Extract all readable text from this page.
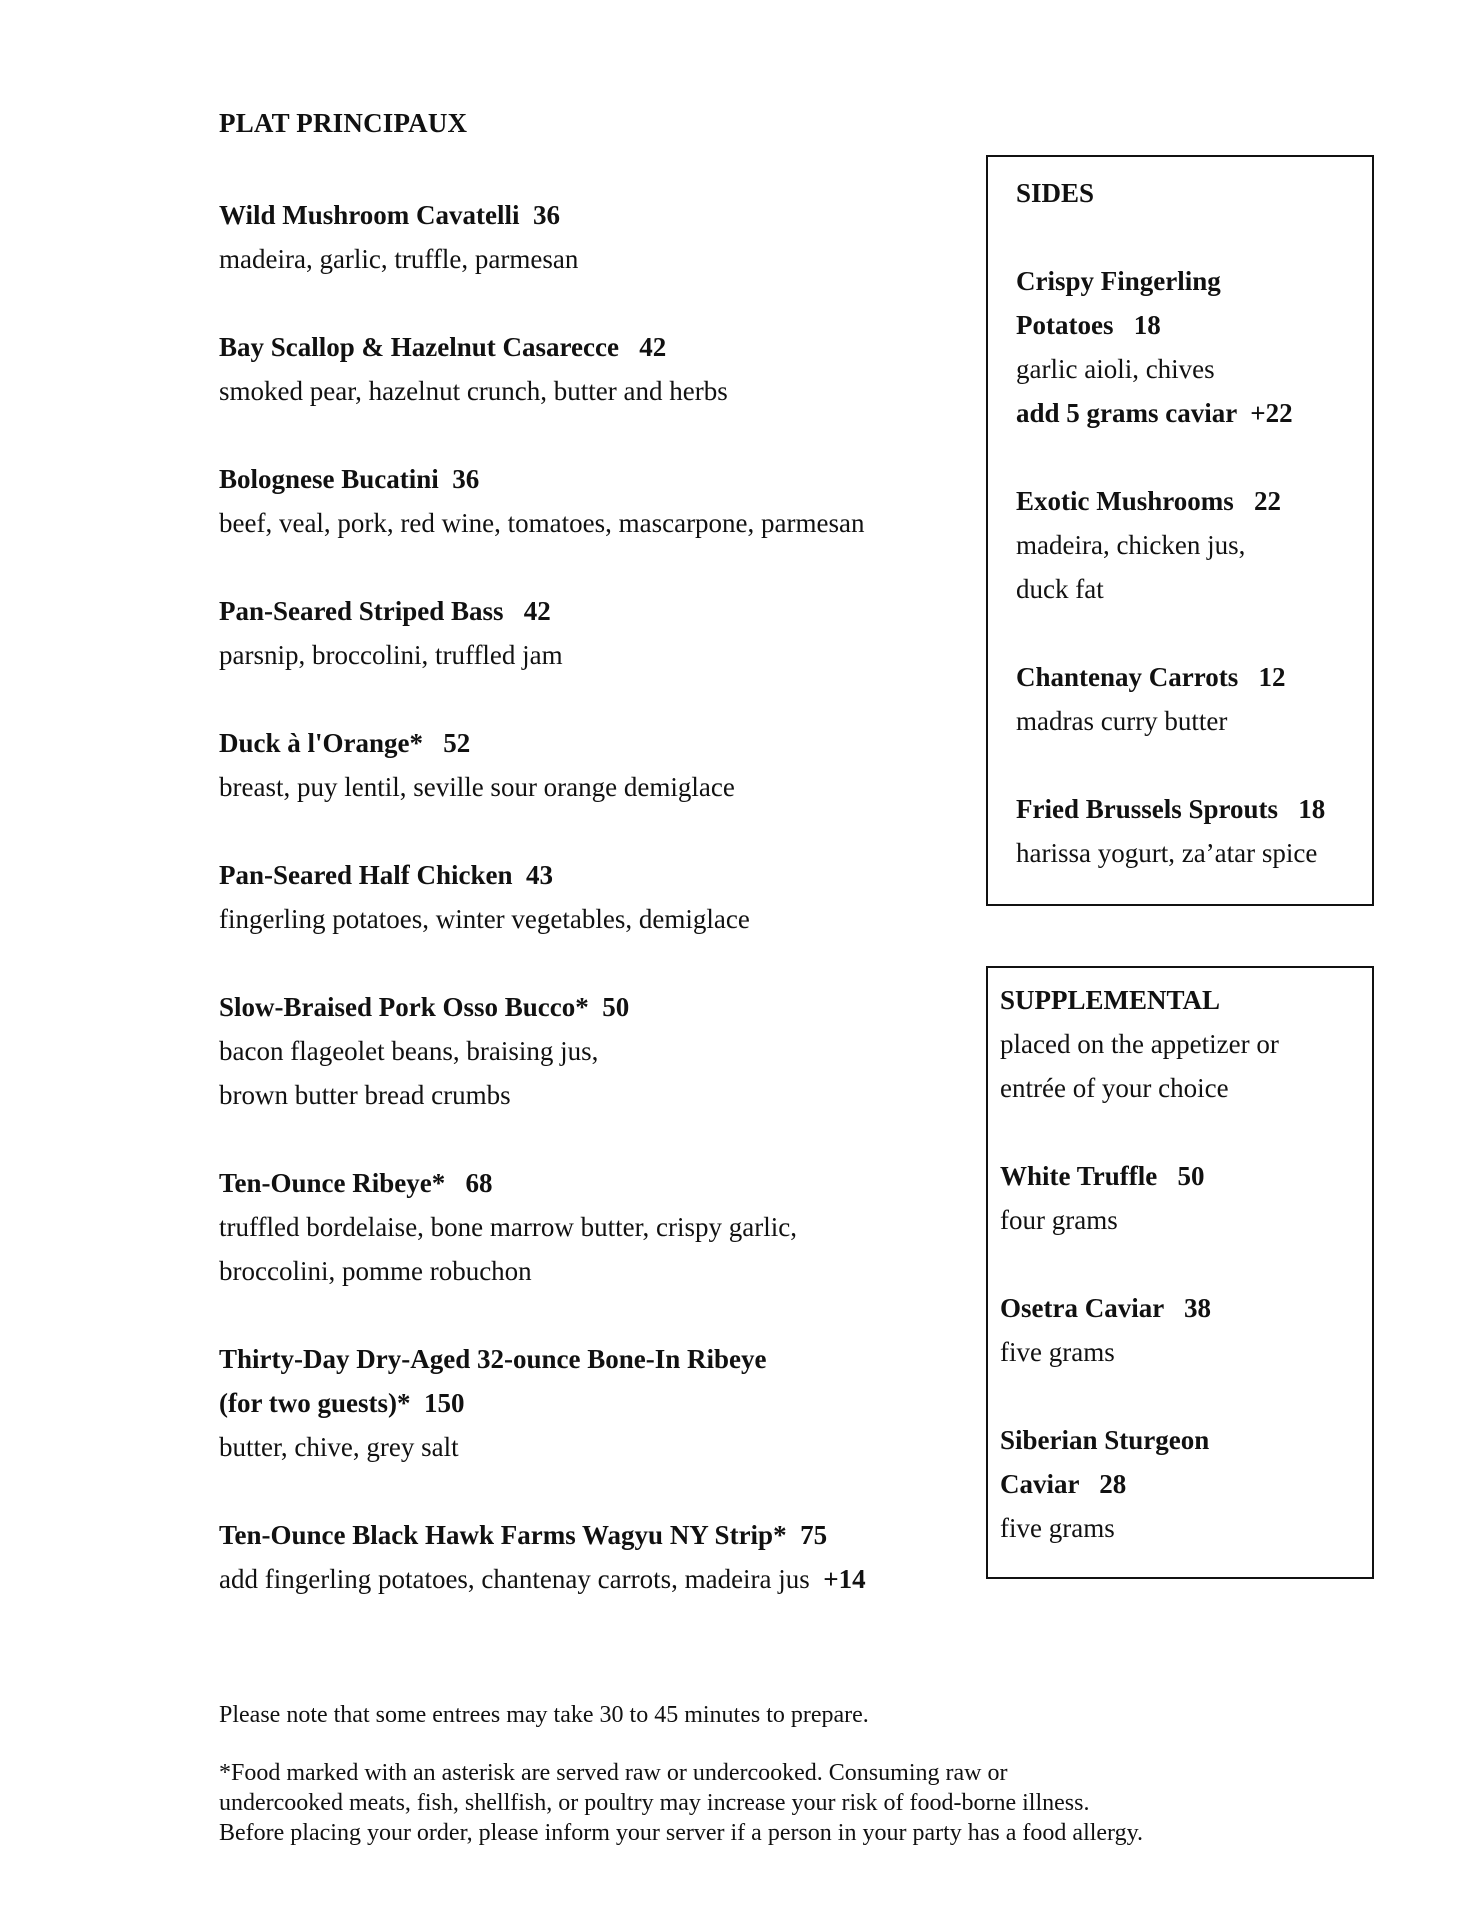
PLAT PRINCIPAUX
Wild Mushroom Cavatelli 36
madeira, garlic, truffle, parmesan
Bay Scallop & Hazelnut Casarecce 42
smoked pear, hazelnut crunch, butter and herbs
Bolognese Bucatini 36
beef, veal, pork, red wine, tomatoes, mascarpone, parmesan
Pan-Seared Striped Bass 42
parsnip, broccolini, truffled jam
Duck à l'Orange* 52
breast, puy lentil, seville sour orange demiglace
Pan-Seared Half Chicken 43
fingerling potatoes, winter vegetables, demiglace
Slow-Braised Pork Osso Bucco* 50
bacon flageolet beans, braising jus,
brown butter bread crumbs
Ten-Ounce Ribeye* 68
truffled bordelaise, bone marrow butter, crispy garlic,
broccolini, pomme robuchon
Thirty-Day Dry-Aged 32-ounce Bone-In Ribeye
(for two guests)* 150
butter, chive, grey salt
Ten-Ounce Black Hawk Farms Wagyu NY Strip* 75
add fingerling potatoes, chantenay carrots, madeira jus +14
SIDES
Crispy Fingerling
Potatoes 18
garlic aioli, chives
add 5 grams caviar  +22
Exotic Mushrooms 22
madeira, chicken jus,
duck fat
Chantenay Carrots 12
madras curry butter
Fried Brussels Sprouts 18
harissa yogurt, za’atar spice
SUPPLEMENTAL
placed on the appetizer or
entrée of your choice
White Truffle 50
four grams
Osetra Caviar 38
five grams
Siberian Sturgeon
Caviar 28
five grams
Please note that some entrees may take 30 to 45 minutes to prepare.
*Food marked with an asterisk are served raw or undercooked. Consuming raw or
undercooked meats, fish, shellfish, or poultry may increase your risk of food-borne illness.
Before placing your order, please inform your server if a person in your party has a food allergy.
